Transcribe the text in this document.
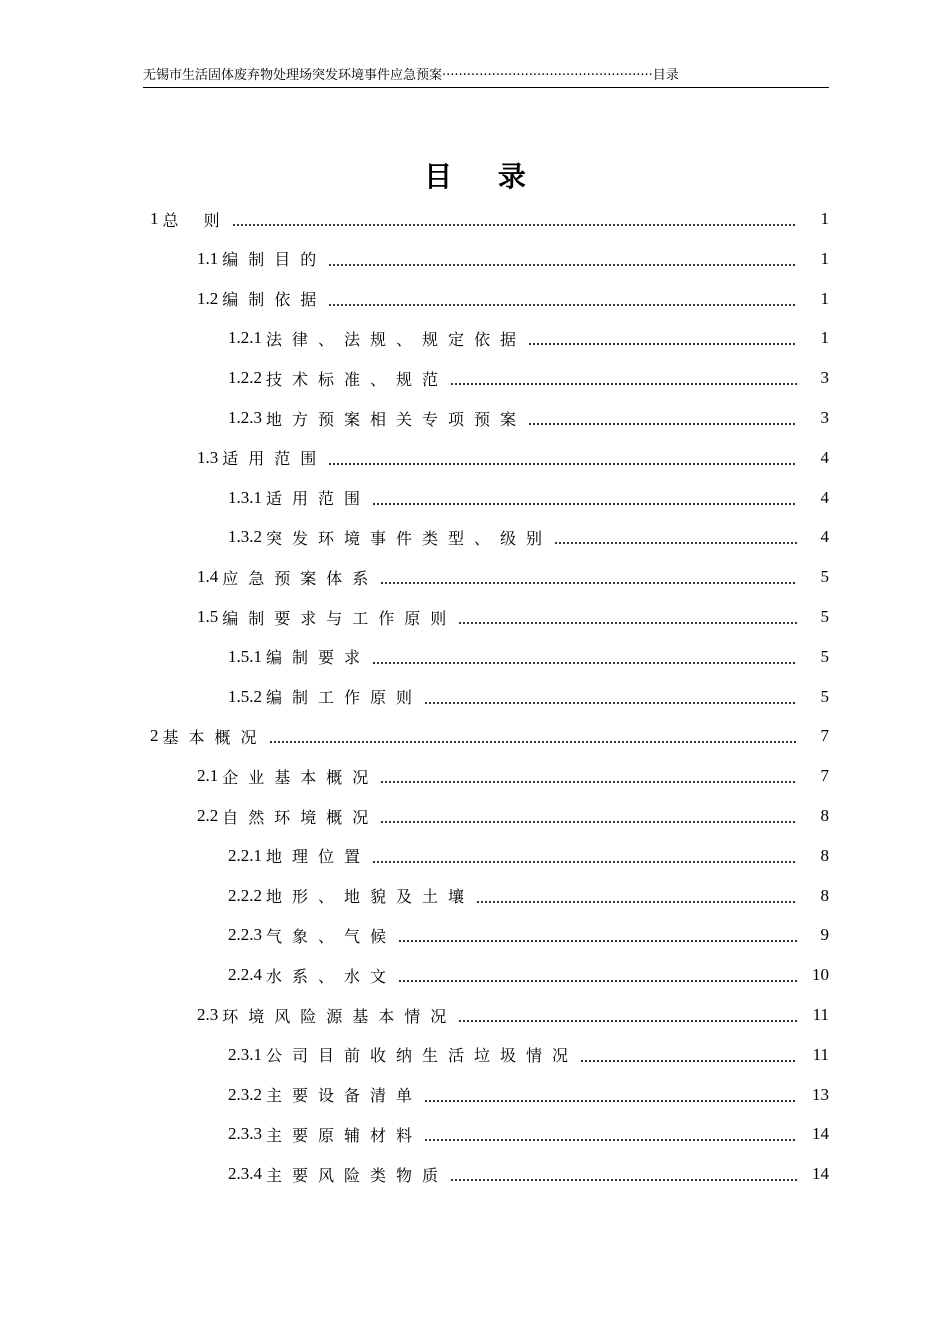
无锡市生活固体废弃物处理场突发环境事件应急预案···················································目录
目 录
1 总 则	1
1.1 编制目的	1
1.2 编制依据	1
1.2.1 法律、法规、规定依据	1
1.2.2 技术标准、规范	3
1.2.3 地方预案相关专项预案	3
1.3 适用范围	4
1.3.1 适用范围	4
1.3.2 突发环境事件类型、级别	4
1.4 应急预案体系	5
1.5 编制要求与工作原则	5
1.5.1 编制要求	5
1.5.2 编制工作原则	5
2 基本概况	7
2.1 企业基本概况	7
2.2 自然环境概况	8
2.2.1 地理位置	8
2.2.2 地形、地貌及土壤	8
2.2.3 气象、气候	9
2.2.4 水系、水文	10
2.3 环境风险源基本情况	11
2.3.1 公司目前收纳生活垃圾情况	11
2.3.2 主要设备清单	13
2.3.3 主要原辅材料	14
2.3.4 主要风险类物质	14
